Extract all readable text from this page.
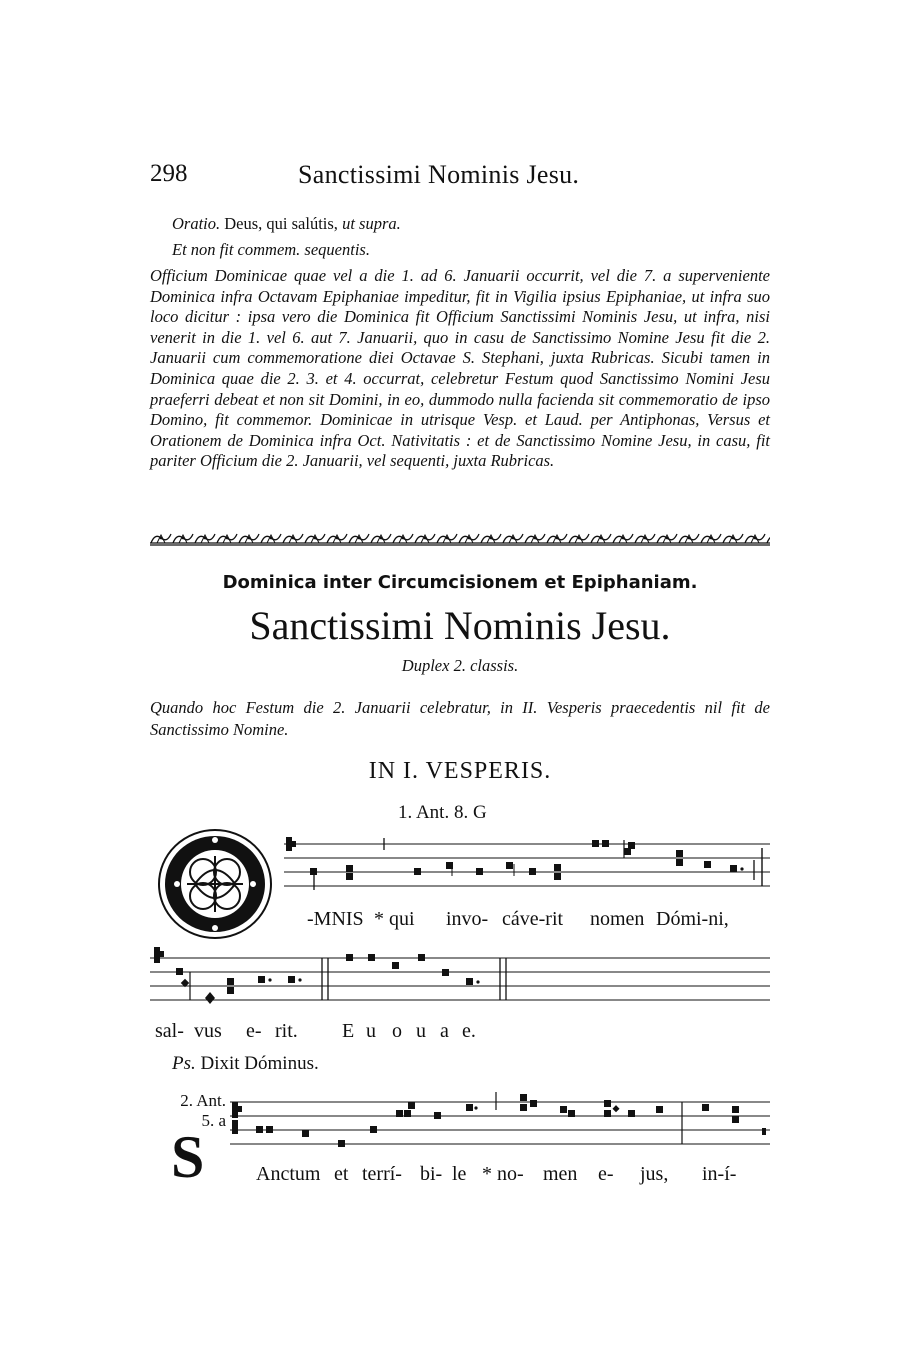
298	Sanctissimi Nominis Jesu.
Oratio. Deus, qui salútis, ut supra.
Et non fit commem. sequentis.
Officium Dominicae quae vel a die 1. ad 6. Januarii occurrit, vel die 7. a superveniente Dominica infra Octavam Epiphaniae impeditur, fit in Vigilia ipsius Epiphaniae, ut infra suo loco dicitur : ipsa vero die Dominica fit Officium Sanctissimi Nominis Jesu, ut infra, nisi venerit in die 1. vel 6. aut 7. Januarii, quo in casu de Sanctissimo Nomine Jesu fit die 2. Januarii cum commemoratione diei Octavae S. Stephani, juxta Rubricas. Sicubi tamen in Dominica quae die 2. 3. et 4. occurrat, celebretur Festum quod Sanctissimo Nomini Jesu praeferri debeat et non sit Domini, in eo, dummodo nulla facienda sit commemoratio de ipso Domino, fit commemor. Dominicae in utrisque Vesp. et Laud. per Antiphonas, Versus et Orationem de Dominica infra Oct. Nativitatis : et de Sanctissimo Nomine Jesu, in casu, fit pariter Officium die 2. Januarii, vel sequenti, juxta Rubricas.
Dominica inter Circumcisionem et Epiphaniam.
Sanctissimi Nominis Jesu.
Duplex 2. classis.
Quando hoc Festum die 2. Januarii celebratur, in II. Vesperis praecedentis nil fit de Sanctissimo Nomine.
IN I. VESPERIS.
1. Ant. 8. G
-MNIS * qui invo- cáve-rit nomen Dómi-ni,
sal- vus e- rit. E u o u a e.
Ps. Dixit Dóminus.
2. Ant.
5. a
S	Anctum et terrí- bi- le * no- men e- jus, in-í-
